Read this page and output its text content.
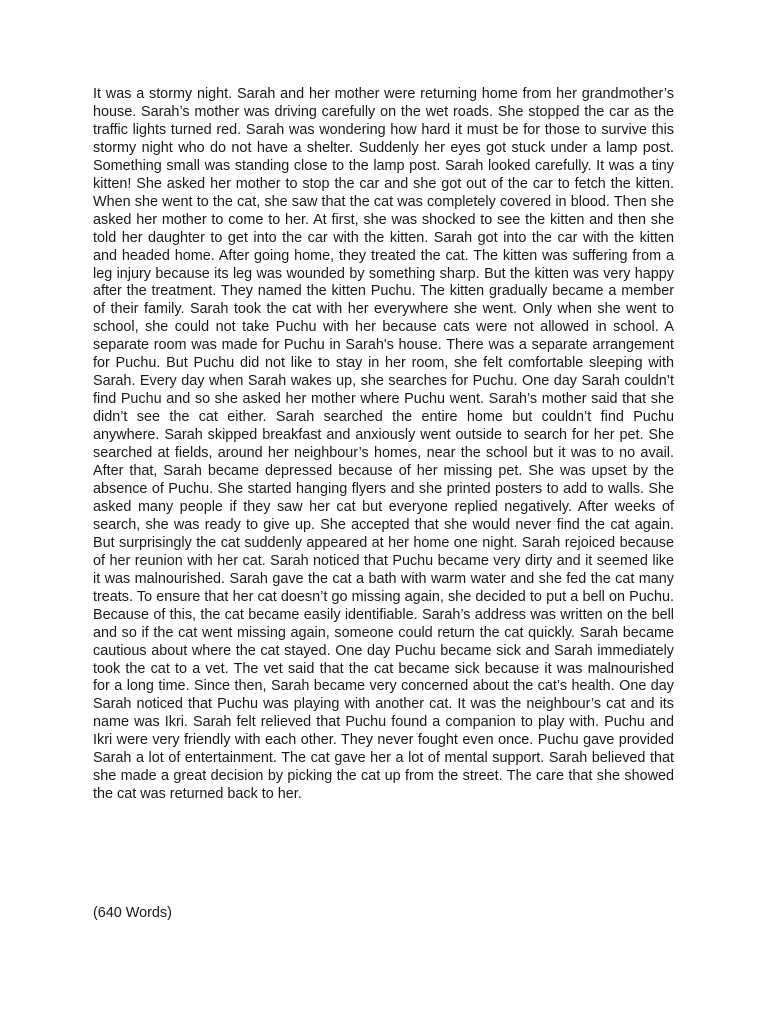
It was a stormy night. Sarah and her mother were returning home from her grandmother’s house. Sarah’s mother was driving carefully on the wet roads. She stopped the car as the traffic lights turned red. Sarah was wondering how hard it must be for those to survive this stormy night who do not have a shelter. Suddenly her eyes got stuck under a lamp post. Something small was standing close to the lamp post. Sarah looked carefully. It was a tiny kitten! She asked her mother to stop the car and she got out of the car to fetch the kitten. When she went to the cat, she saw that the cat was completely covered in blood. Then she asked her mother to come to her. At first, she was shocked to see the kitten and then she told her daughter to get into the car with the kitten. Sarah got into the car with the kitten and headed home. After going home, they treated the cat. The kitten was suffering from a leg injury because its leg was wounded by something sharp. But the kitten was very happy after the treatment. They named the kitten Puchu. The kitten gradually became a member of their family. Sarah took the cat with her everywhere she went. Only when she went to school, she could not take Puchu with her because cats were not allowed in school. A separate room was made for Puchu in Sarah's house. There was a separate arrangement for Puchu. But Puchu did not like to stay in her room, she felt comfortable sleeping with Sarah. Every day when Sarah wakes up, she searches for Puchu. One day Sarah couldn’t find Puchu and so she asked her mother where Puchu went. Sarah’s mother said that she didn’t see the cat either. Sarah searched the entire home but couldn’t find Puchu anywhere. Sarah skipped breakfast and anxiously went outside to search for her pet. She searched at fields, around her neighbour’s homes, near the school but it was to no avail. After that, Sarah became depressed because of her missing pet. She was upset by the absence of Puchu. She started hanging flyers and she printed posters to add to walls. She asked many people if they saw her cat but everyone replied negatively. After weeks of search, she was ready to give up. She accepted that she would never find the cat again. But surprisingly the cat suddenly appeared at her home one night. Sarah rejoiced because of her reunion with her cat. Sarah noticed that Puchu became very dirty and it seemed like it was malnourished. Sarah gave the cat a bath with warm water and she fed the cat many treats. To ensure that her cat doesn’t go missing again, she decided to put a bell on Puchu. Because of this, the cat became easily identifiable. Sarah’s address was written on the bell and so if the cat went missing again, someone could return the cat quickly. Sarah became cautious about where the cat stayed. One day Puchu became sick and Sarah immediately took the cat to a vet. The vet said that the cat became sick because it was malnourished for a long time. Since then, Sarah became very concerned about the cat’s health. One day Sarah noticed that Puchu was playing with another cat. It was the neighbour’s cat and its name was Ikri. Sarah felt relieved that Puchu found a companion to play with. Puchu and Ikri were very friendly with each other. They never fought even once. Puchu gave provided Sarah a lot of entertainment. The cat gave her a lot of mental support. Sarah believed that she made a great decision by picking the cat up from the street. The care that she showed the cat was returned back to her.

(640 Words)
